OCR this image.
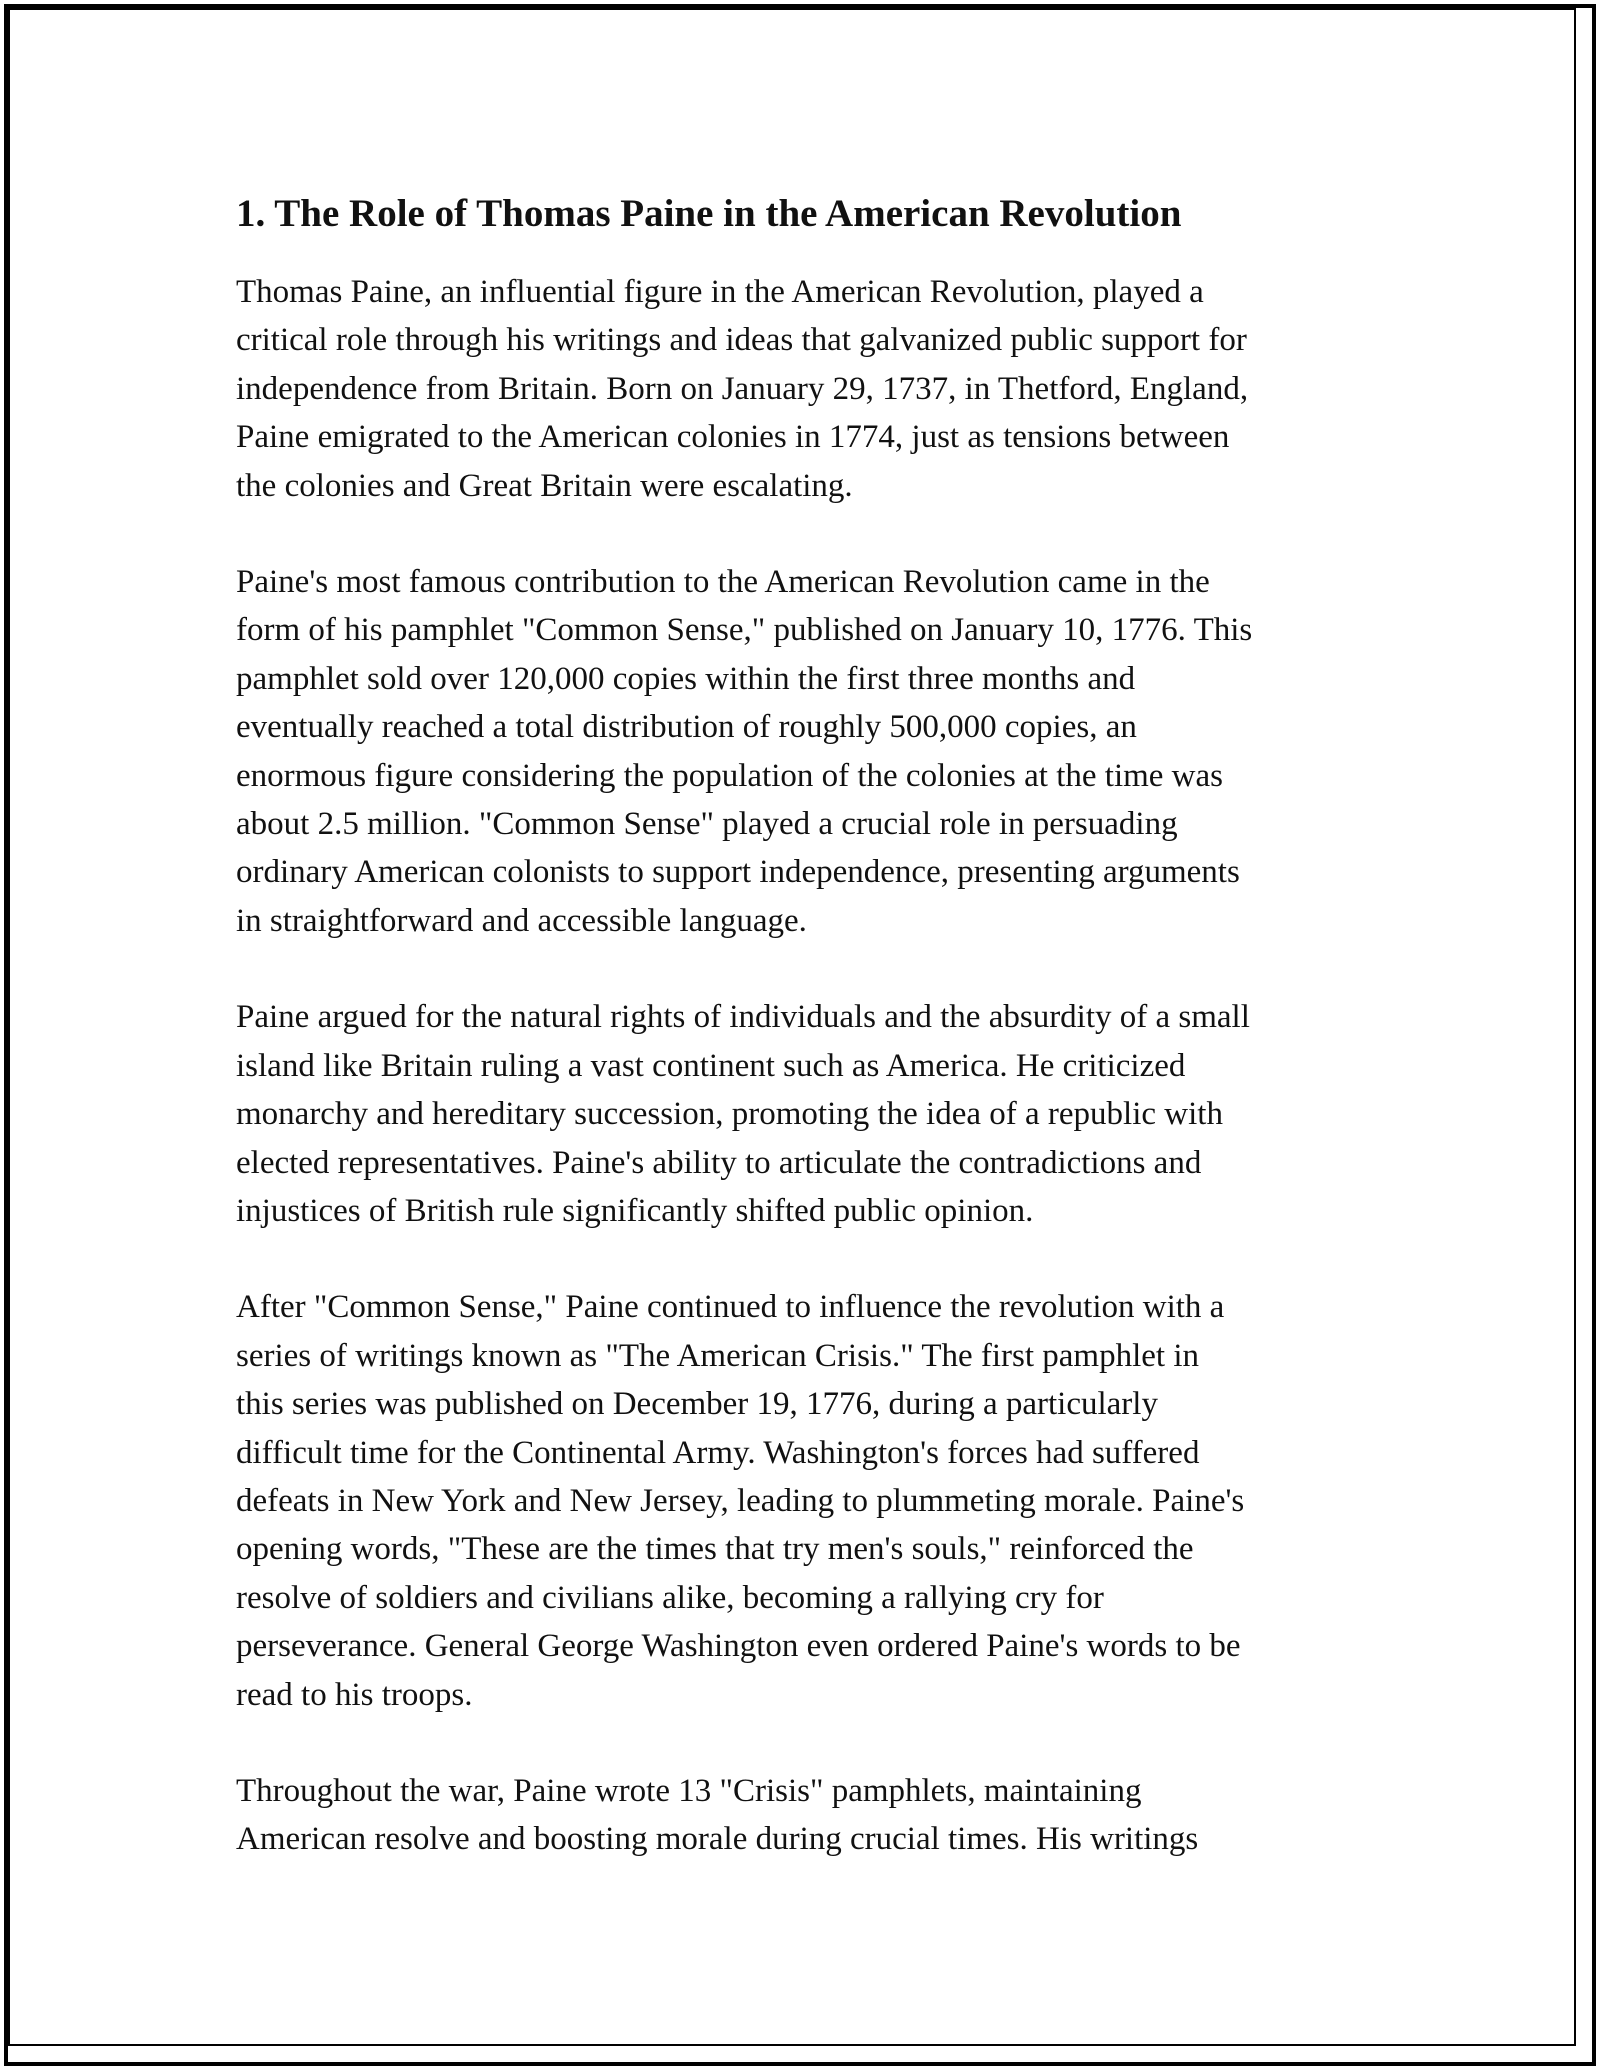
1. The Role of Thomas Paine in the American Revolution

Thomas Paine, an influential figure in the American Revolution, played a
critical role through his writings and ideas that galvanized public support for
independence from Britain. Born on January 29, 1737, in Thetford, England,
Paine emigrated to the American colonies in 1774, just as tensions between
the colonies and Great Britain were escalating.

Paine's most famous contribution to the American Revolution came in the
form of his pamphlet "Common Sense," published on January 10, 1776. This
pamphlet sold over 120,000 copies within the first three months and
eventually reached a total distribution of roughly 500,000 copies, an
enormous figure considering the population of the colonies at the time was
about 2.5 million. "Common Sense" played a crucial role in persuading
ordinary American colonists to support independence, presenting arguments
in straightforward and accessible language.

Paine argued for the natural rights of individuals and the absurdity of a small
island like Britain ruling a vast continent such as America. He criticized
monarchy and hereditary succession, promoting the idea of a republic with
elected representatives. Paine's ability to articulate the contradictions and
injustices of British rule significantly shifted public opinion.

After "Common Sense," Paine continued to influence the revolution with a
series of writings known as "The American Crisis." The first pamphlet in
this series was published on December 19, 1776, during a particularly
difficult time for the Continental Army. Washington's forces had suffered
defeats in New York and New Jersey, leading to plummeting morale. Paine's
opening words, "These are the times that try men's souls," reinforced the
resolve of soldiers and civilians alike, becoming a rallying cry for
perseverance. General George Washington even ordered Paine's words to be
read to his troops.

Throughout the war, Paine wrote 13 "Crisis" pamphlets, maintaining
American resolve and boosting morale during crucial times. His writings
